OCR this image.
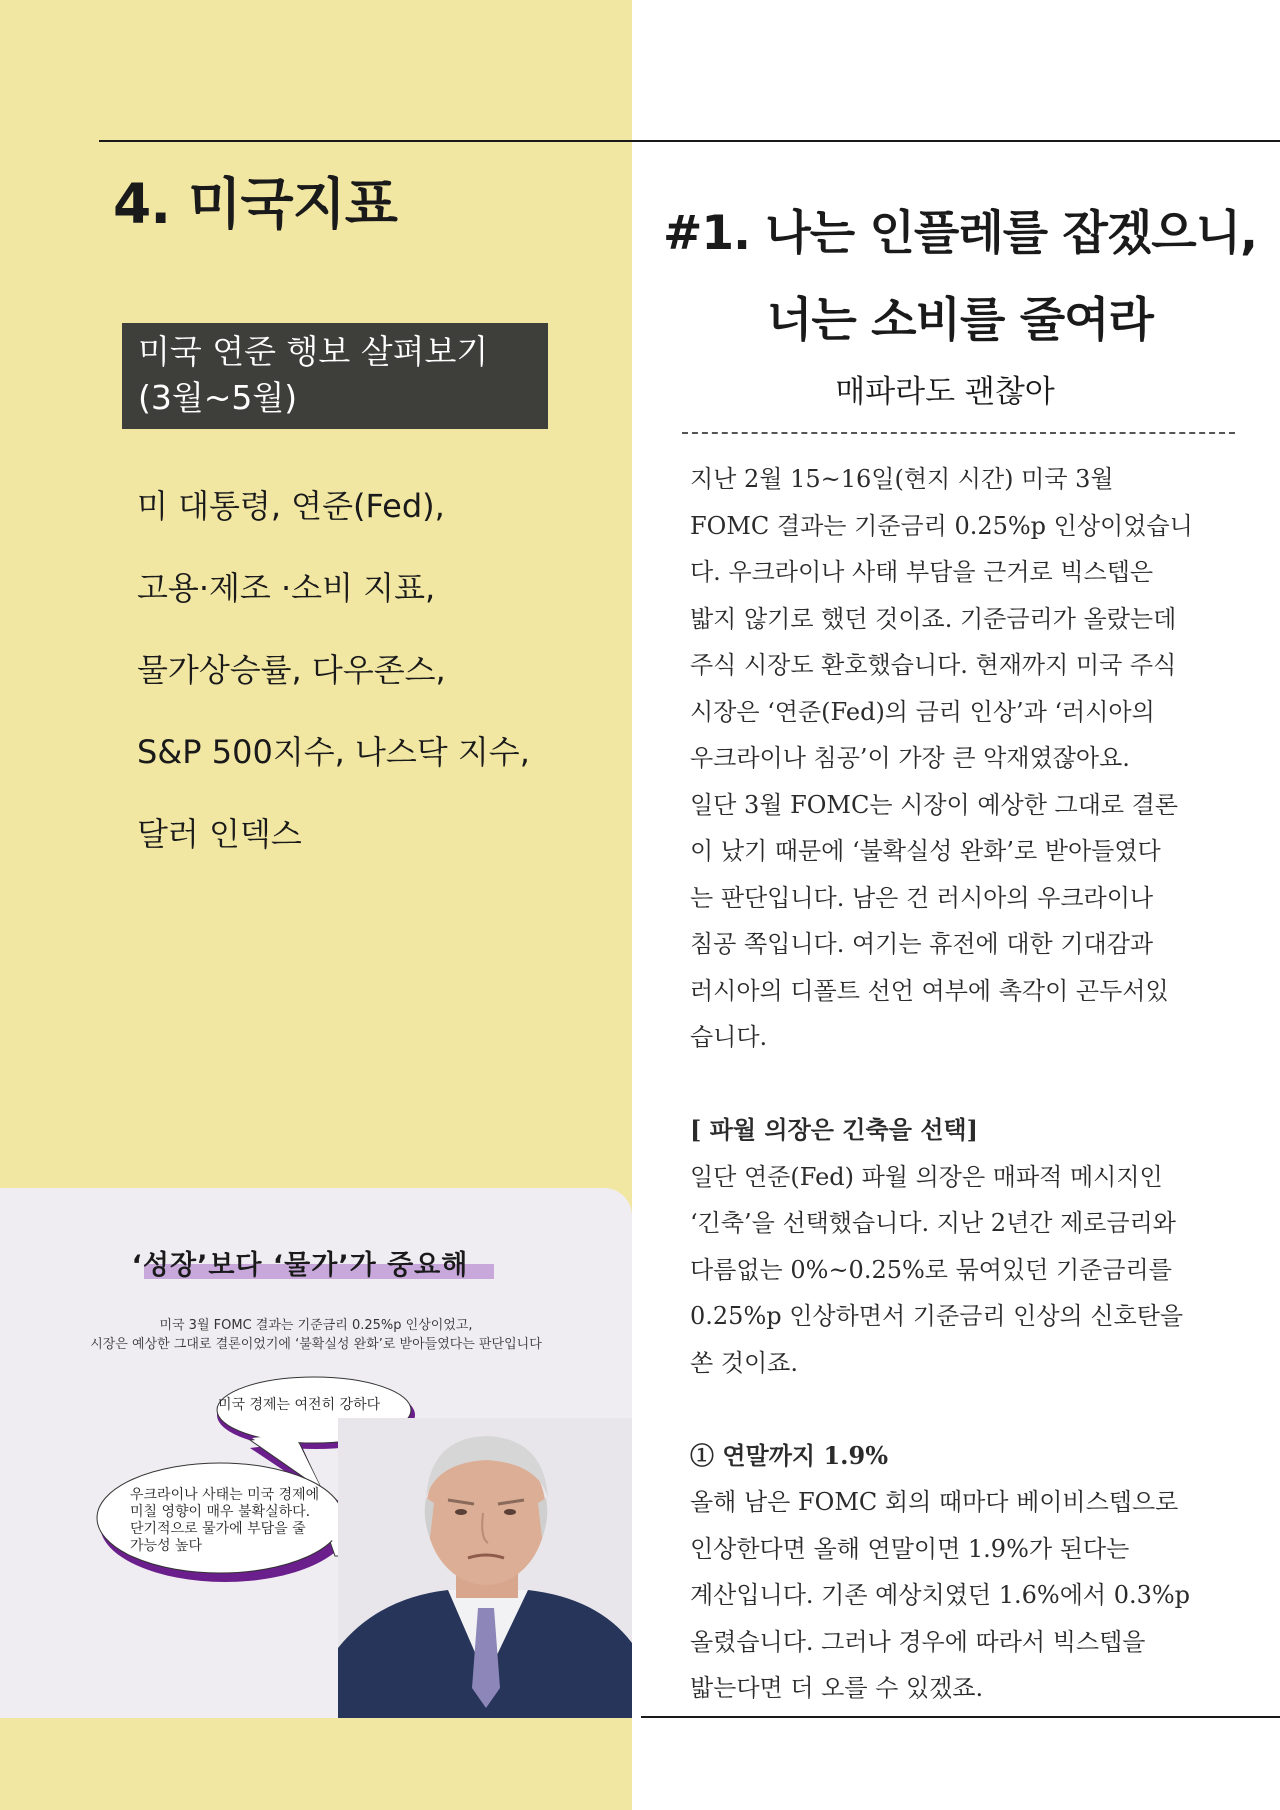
4. 미국지표
미국 연준 행보 살펴보기
(3월~5월)
미 대통령, 연준(Fed),
고용·제조 ·소비 지표,
물가상승률, 다우존스,
S&P 500지수, 나스닥 지수,
달러 인덱스
‘성장’보다 ‘물가’가 중요해
미국 3월 FOMC 결과는 기준금리 0.25%p 인상이었고,
시장은 예상한 그대로 결론이었기에 ‘불확실성 완화’로 받아들였다는 판단입니다
미국 경제는 여전히 강하다
우크라이나 사태는 미국 경제에
미칠 영향이 매우 불확실하다.
단기적으로 물가에 부담을 줄
가능성 높다
#1. 나는 인플레를 잡겠으니,
너는 소비를 줄여라
매파라도 괜찮아
지난 2월 15~16일(현지 시간) 미국 3월
FOMC 결과는 기준금리 0.25%p 인상이었습니
다. 우크라이나 사태 부담을 근거로 빅스텝은
밟지 않기로 했던 것이죠. 기준금리가 올랐는데
주식 시장도 환호했습니다. 현재까지 미국 주식
시장은 ‘연준(Fed)의 금리 인상’과 ‘러시아의
우크라이나 침공’이 가장 큰 악재였잖아요.
일단 3월 FOMC는 시장이 예상한 그대로 결론
이 났기 때문에 ‘불확실성 완화’로 받아들였다
는 판단입니다. 남은 건 러시아의 우크라이나
침공 쪽입니다. 여기는 휴전에 대한 기대감과
러시아의 디폴트 선언 여부에 촉각이 곤두서있
습니다.
[ 파월 의장은 긴축을 선택]
일단 연준(Fed) 파월 의장은 매파적 메시지인
‘긴축’을 선택했습니다. 지난 2년간 제로금리와
다름없는 0%~0.25%로 묶여있던 기준금리를
0.25%p 인상하면서 기준금리 인상의 신호탄을
쏜 것이죠.
① 연말까지 1.9%
올해 남은 FOMC 회의 때마다 베이비스텝으로
인상한다면 올해 연말이면 1.9%가 된다는
계산입니다. 기존 예상치였던 1.6%에서 0.3%p
올렸습니다. 그러나 경우에 따라서 빅스텝을
밟는다면 더 오를 수 있겠죠.
